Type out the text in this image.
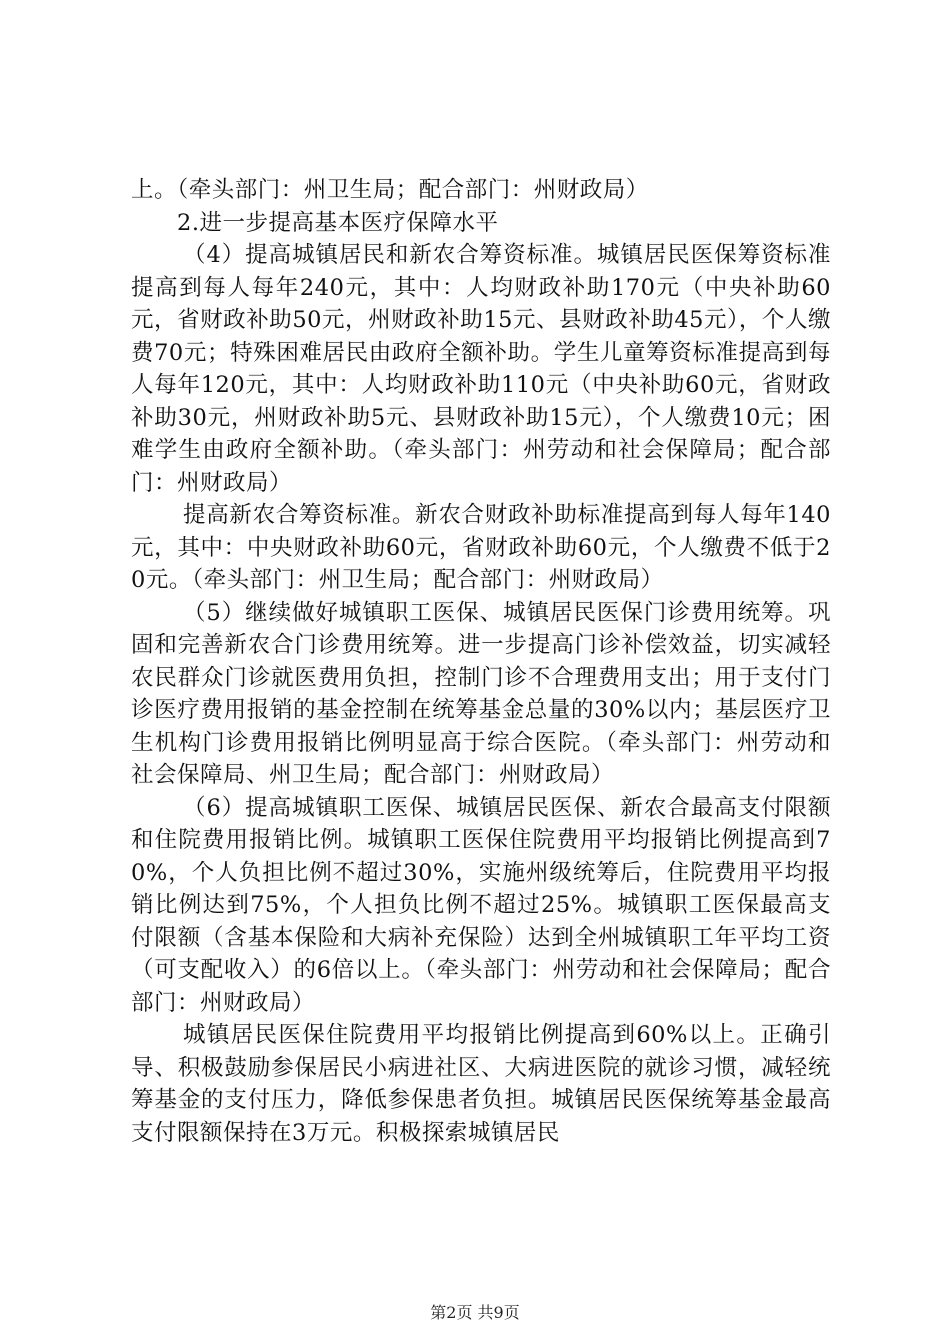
上。（牵头部门：州卫生局；配合部门：州财政局）

2.进一步提高基本医疗保障水平

（4）提高城镇居民和新农合筹资标准。城镇居民医保筹资标准提高到每人每年240元，其中：人均财政补助170元（中央补助60元，省财政补助50元，州财政补助15元、县财政补助45元），个人缴费70元；特殊困难居民由政府全额补助。学生儿童筹资标准提高到每人每年120元，其中：人均财政补助110元（中央补助60元，省财政补助30元，州财政补助5元、县财政补助15元），个人缴费10元；困难学生由政府全额补助。（牵头部门：州劳动和社会保障局；配合部门：州财政局）

提高新农合筹资标准。新农合财政补助标准提高到每人每年140元，其中：中央财政补助60元，省财政补助60元，个人缴费不低于20元。（牵头部门：州卫生局；配合部门：州财政局）

（5）继续做好城镇职工医保、城镇居民医保门诊费用统筹。巩固和完善新农合门诊费用统筹。进一步提高门诊补偿效益，切实减轻农民群众门诊就医费用负担，控制门诊不合理费用支出；用于支付门诊医疗费用报销的基金控制在统筹基金总量的30%以内；基层医疗卫生机构门诊费用报销比例明显高于综合医院。（牵头部门：州劳动和社会保障局、州卫生局；配合部门：州财政局）

（6）提高城镇职工医保、城镇居民医保、新农合最高支付限额和住院费用报销比例。城镇职工医保住院费用平均报销比例提高到70%，个人负担比例不超过30%，实施州级统筹后，住院费用平均报销比例达到75%，个人担负比例不超过25%。城镇职工医保最高支付限额（含基本保险和大病补充保险）达到全州城镇职工年平均工资（可支配收入）的6倍以上。（牵头部门：州劳动和社会保障局；配合部门：州财政局）

城镇居民医保住院费用平均报销比例提高到60%以上。正确引导、积极鼓励参保居民小病进社区、大病进医院的就诊习惯，减轻统筹基金的支付压力，降低参保患者负担。城镇居民医保统筹基金最高支付限额保持在3万元。积极探索城镇居民

第2页 共9页
